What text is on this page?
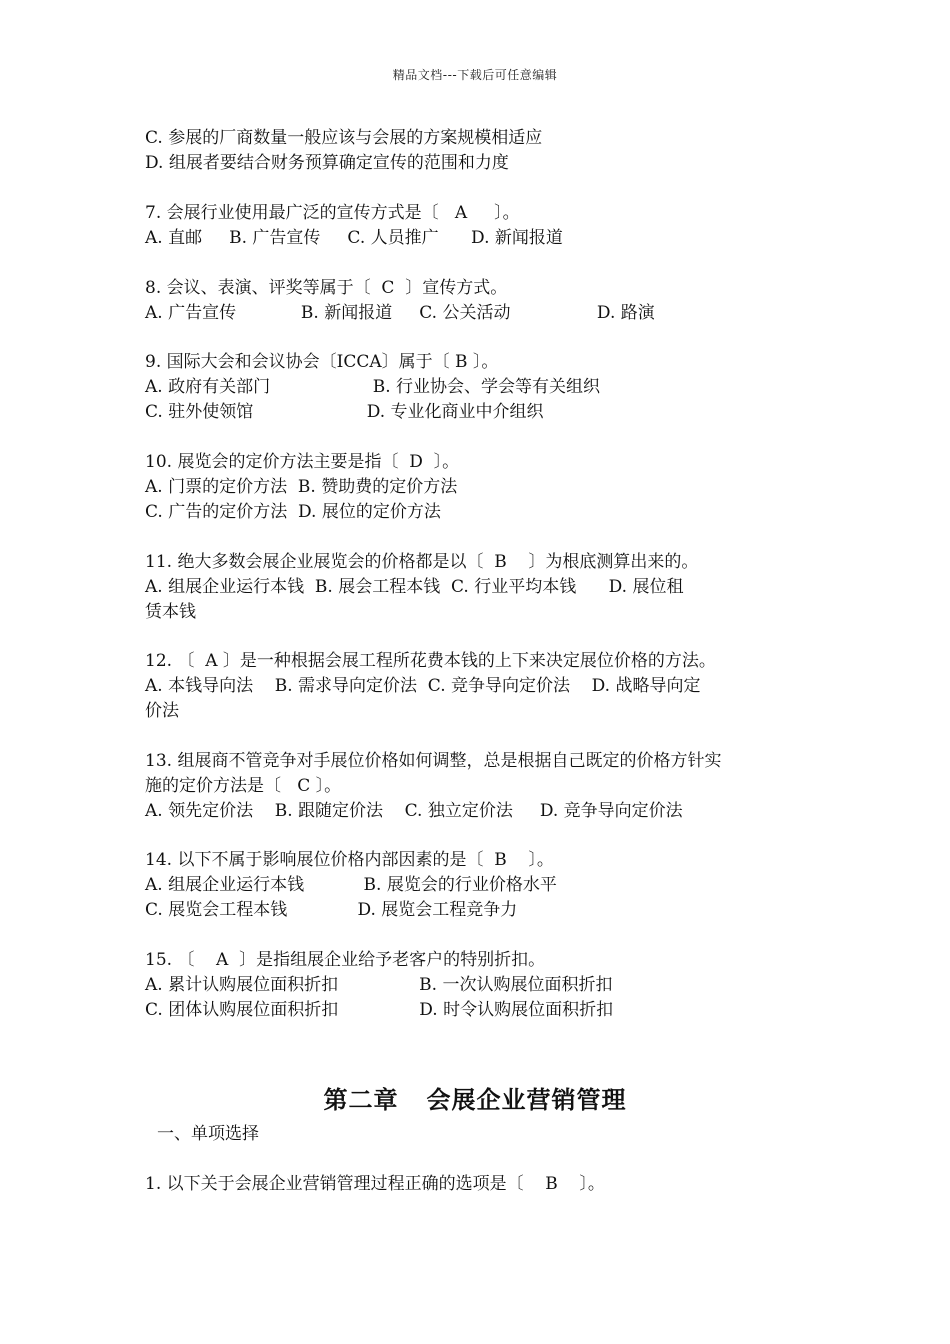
精品文档---下载后可任意编辑
C. 参展的厂商数量一般应该与会展的方案规模相适应
D. 组展者要结合财务预算确定宣传的范围和力度
7. 会展行业使用最广泛的宣传方式是〔   A     〕。
A. 直邮     B. 广告宣传     C. 人员推广      D. 新闻报道
8. 会议、表演、评奖等属于〔  C  〕宣传方式。
A. 广告宣传            B. 新闻报道     C. 公关活动                D. 路演
9. 国际大会和会议协会〔ICCA〕属于〔 B 〕。
A. 政府有关部门                   B. 行业协会、学会等有关组织
C. 驻外使领馆                     D. 专业化商业中介组织
10. 展览会的定价方法主要是指〔  D  〕。
A. 门票的定价方法  B. 赞助费的定价方法
C. 广告的定价方法  D. 展位的定价方法
11. 绝大多数会展企业展览会的价格都是以〔  B    〕为根底测算出来的。
A. 组展企业运行本钱  B. 展会工程本钱  C. 行业平均本钱      D. 展位租
赁本钱
12. 〔  A 〕是一种根据会展工程所花费本钱的上下来决定展位价格的方法。
A. 本钱导向法    B. 需求导向定价法  C. 竞争导向定价法    D. 战略导向定
价法
13. 组展商不管竞争对手展位价格如何调整，总是根据自己既定的价格方针实
施的定价方法是〔   C 〕。
A. 领先定价法    B. 跟随定价法    C. 独立定价法     D. 竞争导向定价法
14. 以下不属于影响展位价格内部因素的是〔  B    〕。
A. 组展企业运行本钱           B. 展览会的行业价格水平
C. 展览会工程本钱             D. 展览会工程竞争力
15. 〔    A  〕是指组展企业给予老客户的特别折扣。
A. 累计认购展位面积折扣               B. 一次认购展位面积折扣
C. 团体认购展位面积折扣               D. 时令认购展位面积折扣
第二章   会展企业营销管理
一、单项选择
1. 以下关于会展企业营销管理过程正确的选项是〔    B    〕。
